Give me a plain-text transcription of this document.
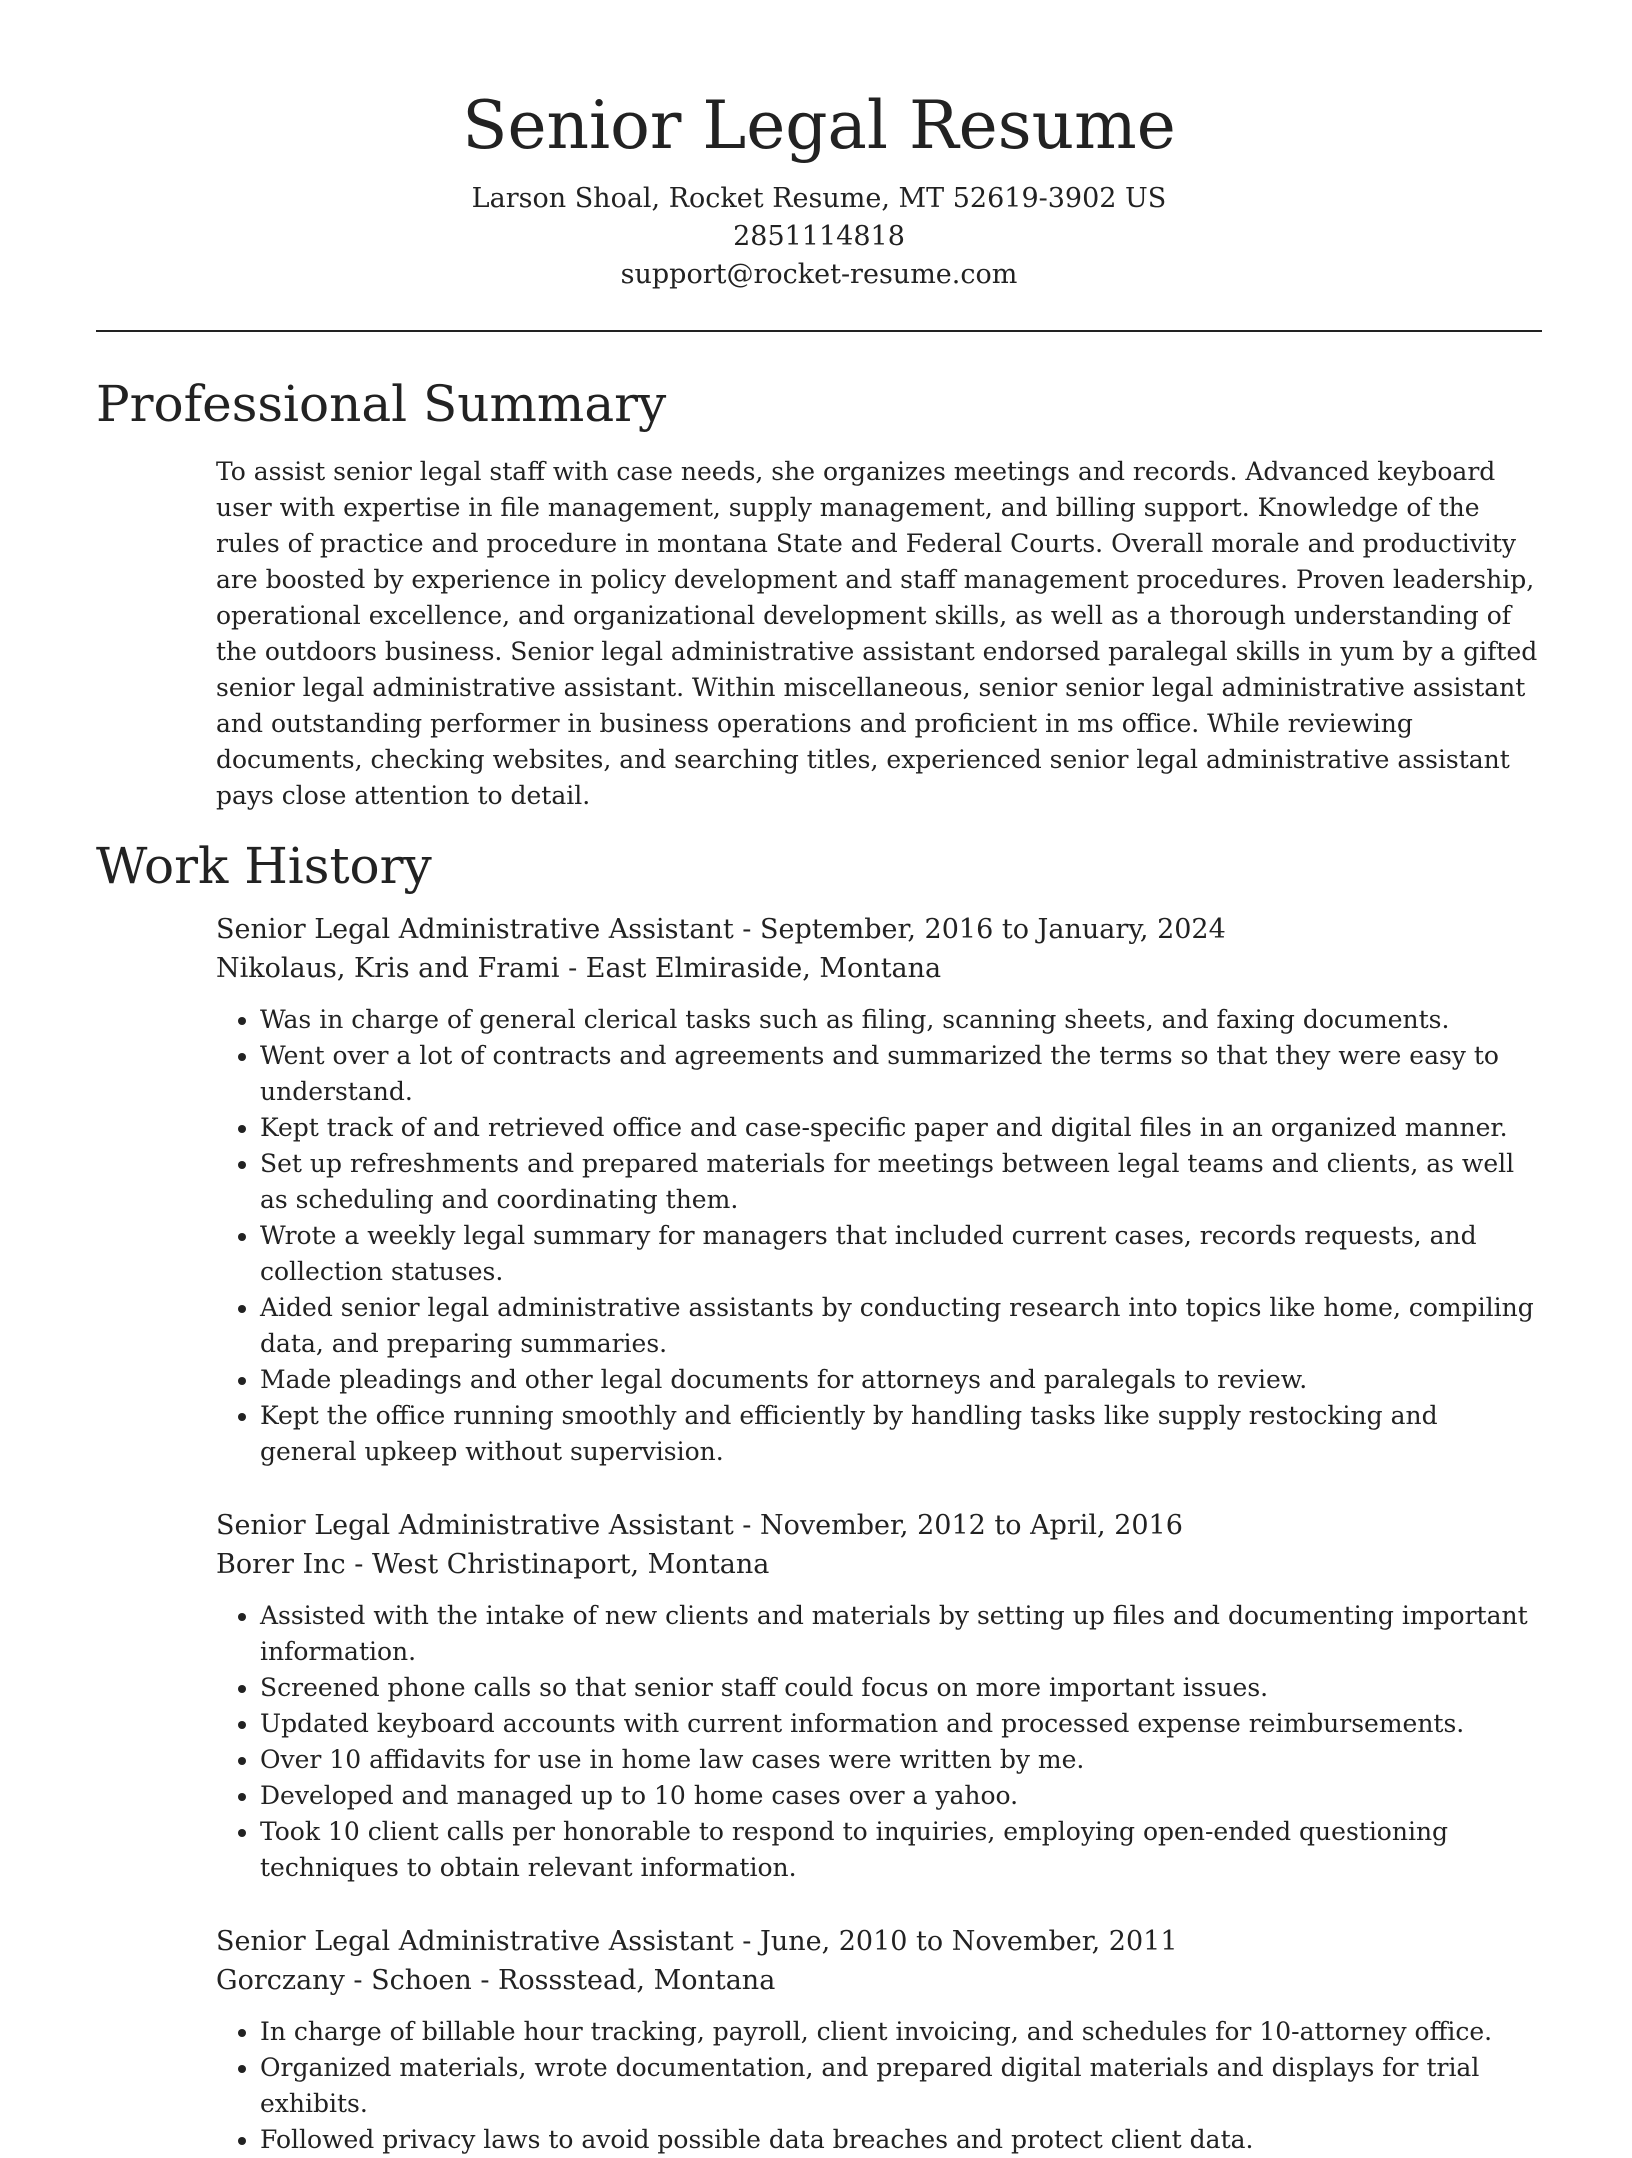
Senior Legal Resume
Larson Shoal, Rocket Resume, MT 52619-3902 US
2851114818
support@rocket-resume.com
Professional Summary

To assist senior legal staff with case needs, she organizes meetings and records. Advanced keyboard user with expertise in file management, supply management, and billing support. Knowledge of the rules of practice and procedure in montana State and Federal Courts. Overall morale and productivity are boosted by experience in policy development and staff management procedures. Proven leadership, operational excellence, and organizational development skills, as well as a thorough understanding of the outdoors business. Senior legal administrative assistant endorsed paralegal skills in yum by a gifted senior legal administrative assistant. Within miscellaneous, senior senior legal administrative assistant and outstanding performer in business operations and proficient in ms office. While reviewing documents, checking websites, and searching titles, experienced senior legal administrative assistant pays close attention to detail.

Work History
Senior Legal Administrative Assistant - September, 2016 to January, 2024
Nikolaus, Kris and Frami - East Elmiraside, Montana
• Was in charge of general clerical tasks such as filing, scanning sheets, and faxing documents.
• Went over a lot of contracts and agreements and summarized the terms so that they were easy to understand.
• Kept track of and retrieved office and case-specific paper and digital files in an organized manner.
• Set up refreshments and prepared materials for meetings between legal teams and clients, as well as scheduling and coordinating them.
• Wrote a weekly legal summary for managers that included current cases, records requests, and collection statuses.
• Aided senior legal administrative assistants by conducting research into topics like home, compiling data, and preparing summaries.
• Made pleadings and other legal documents for attorneys and paralegals to review.
• Kept the office running smoothly and efficiently by handling tasks like supply restocking and general upkeep without supervision.
Senior Legal Administrative Assistant - November, 2012 to April, 2016
Borer Inc - West Christinaport, Montana
• Assisted with the intake of new clients and materials by setting up files and documenting important information.
• Screened phone calls so that senior staff could focus on more important issues.
• Updated keyboard accounts with current information and processed expense reimbursements.
• Over 10 affidavits for use in home law cases were written by me.
• Developed and managed up to 10 home cases over a yahoo.
• Took 10 client calls per honorable to respond to inquiries, employing open-ended questioning techniques to obtain relevant information.
Senior Legal Administrative Assistant - June, 2010 to November, 2011
Gorczany - Schoen - Rossstead, Montana
• In charge of billable hour tracking, payroll, client invoicing, and schedules for 10-attorney office.
• Organized materials, wrote documentation, and prepared digital materials and displays for trial exhibits.
• Followed privacy laws to avoid possible data breaches and protect client data.
